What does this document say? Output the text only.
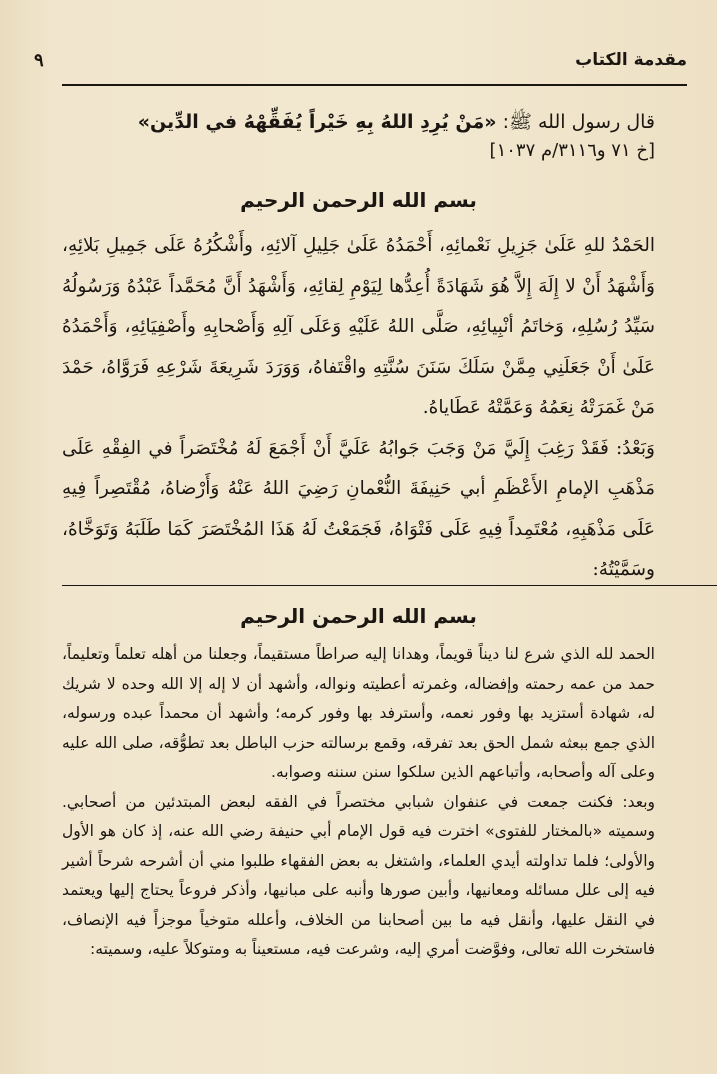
مقدمة الكتاب
٩
قال رسول الله ﷺ: «مَنْ يُرِدِ اللهُ بِهِ خَيْراً يُفَقِّهْهُ في الدِّين»
[خ ٧١ و٣١١٦/م ١٠٣٧]
بسم الله الرحمن الرحيم

الحَمْدُ للهِ عَلَىٰ جَزِيلِ نَعْمائِهِ، أَحْمَدُهُ عَلَىٰ جَلِيلِ آلائِهِ، وأَشْكُرُهُ عَلَى جَمِيلِ بَلائِهِ، وَأَشْهَدُ أَنْ لا إِلَهَ إِلاَّ هُوَ شَهَادَةً أُعِدُّها لِيَوْمِ لِقائِهِ، وَأَشْهَدُ أَنَّ مُحَمَّداً عَبْدُهُ وَرَسُولُهُ سَيِّدُ رُسُلِهِ، وَخاتَمُ أنْبِيائِهِ، صَلَّى اللهُ عَلَيْهِ وَعَلَى آلِهِ وَأَصْحابِهِ وأَصْفِيَائِهِ، وَأَحْمَدُهُ عَلَىٰ أَنْ جَعَلَنِي مِمَّنْ سَلَكَ سَنَنَ سُنَّتِهِ واقْتَفاهُ، وَوَرَدَ شَرِيعَةَ شَرْعِهِ فَرَوَّاهُ، حَمْدَ مَنْ غَمَرَتْهُ نِعَمُهُ وَعَمَّتْهُ عَطَاياهُ.

وَبَعْدُ: فَقَدْ رَغِبَ إِلَيَّ مَنْ وَجَبَ جَوابُهُ عَلَيَّ أَنْ أَجْمَعَ لَهُ مُخْتَصَراً في الفِقْهِ عَلَى مَذْهَبِ الإمامِ الأَعْظَمِ أبي حَنِيفَةَ النُّعْمانِ رَضِيَ اللهُ عَنْهُ وَأَرْضاهُ، مُقْتَصِراً فِيهِ عَلَى مَذْهَبِهِ، مُعْتَمِداً فِيهِ عَلَى فَتْوَاهُ، فَجَمَعْتُ لَهُ هَذَا المُخْتَصَرَ كَمَا طَلَبَهُ وَتَوَخَّاهُ، وسَمَّيْتُهُ:

بسم الله الرحمن الرحيم

الحمد لله الذي شرع لنا ديناً قويماً، وهدانا إليه صراطاً مستقيماً، وجعلنا من أهله تعلماً وتعليماً، حمد من عمه رحمته وإفضاله، وغمرته أعطيته ونواله، وأشهد أن لا إله إلا الله وحده لا شريك له، شهادة أستزيد بها وفور نعمه، وأسترفد بها وفور كرمه؛ وأشهد أن محمداً عبده ورسوله، الذي جمع ببعثه شمل الحق بعد تفرقه، وقمع برسالته حزب الباطل بعد تطوُّقه، صلى الله عليه وعلى آله وأصحابه، وأتباعهم الذين سلكوا سنن سننه وصوابه.

وبعد: فكنت جمعت في عنفوان شبابي مختصراً في الفقه لبعض المبتدئين من أصحابي. وسميته «بالمختار للفتوى» اخترت فيه قول الإمام أبي حنيفة رضي الله عنه، إذ كان هو الأول والأولى؛ فلما تداولته أيدي العلماء، واشتغل به بعض الفقهاء طلبوا مني أن أشرحه شرحاً أشير فيه إلى علل مسائله ومعانيها، وأبين صورها وأنبه على مبانيها، وأذكر فروعاً يحتاج إليها ويعتمد في النقل عليها، وأنقل فيه ما بين أصحابنا من الخلاف، وأعلله متوخياً موجزاً فيه الإنصاف، فاستخرت الله تعالى، وفوَّضت أمري إليه، وشرعت فيه، مستعيناً به ومتوكلاً عليه، وسميته:
